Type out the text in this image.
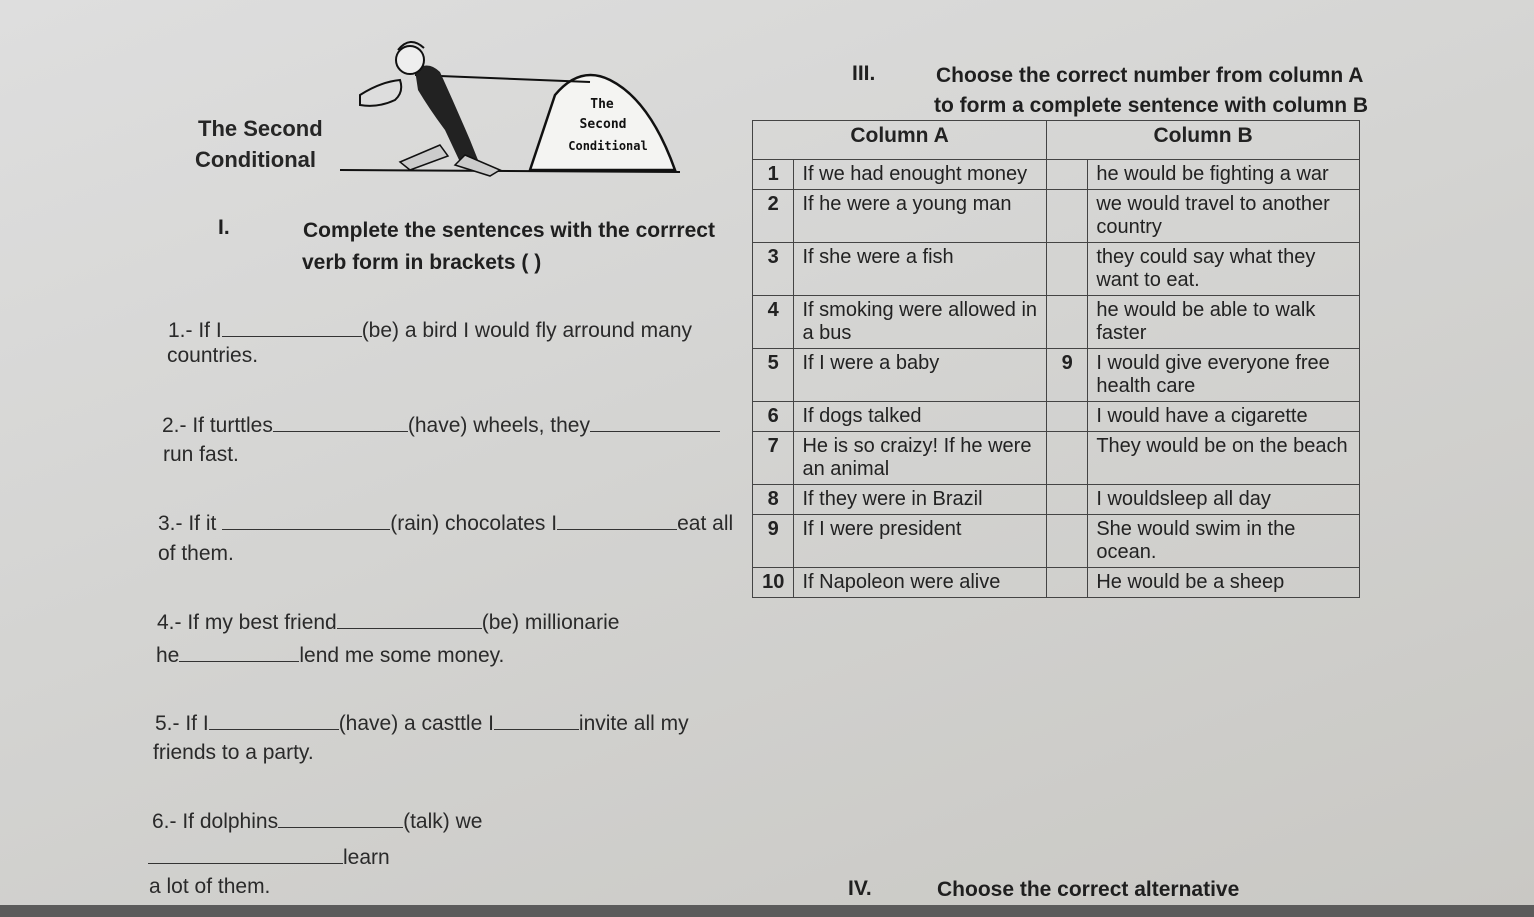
The Second
Conditional
The
Second
Conditional
I.	Complete the sentences with the corrrect
verb form in brackets ( )
1.- If I	(be) a bird I would fly arround many
countries.
2.- If turttles	(have) wheels, they
run fast.
3.- If it	(rain) chocolates I	eat all
of them.
4.- If my best friend	(be) millionarie
he	lend me some money.
5.- If I	(have) a casttle I	invite all my
friends to a party.
6.- If dolphins	(talk) we
learn
a lot of them.
III.	Choose the correct number from column A
to form a complete sentence with column B
Column A		Column B	
1	If we had enought money		he would be fighting a war
2	If he were a young man		we would travel to another country
3	If she were a fish		they could say what they want to eat.
4	If smoking were allowed in a bus		he would be able to walk faster
5	If I were a baby	9	I would give everyone free health care
6	If dogs talked		I would have a cigarette
7	He is so craizy! If he were an animal		They would be on the beach
8	If they were in Brazil		I wouldsleep all day
9	If I were president		She would swim in the ocean.
10	If Napoleon were alive		He would be a sheep
IV.	Choose the correct alternative
